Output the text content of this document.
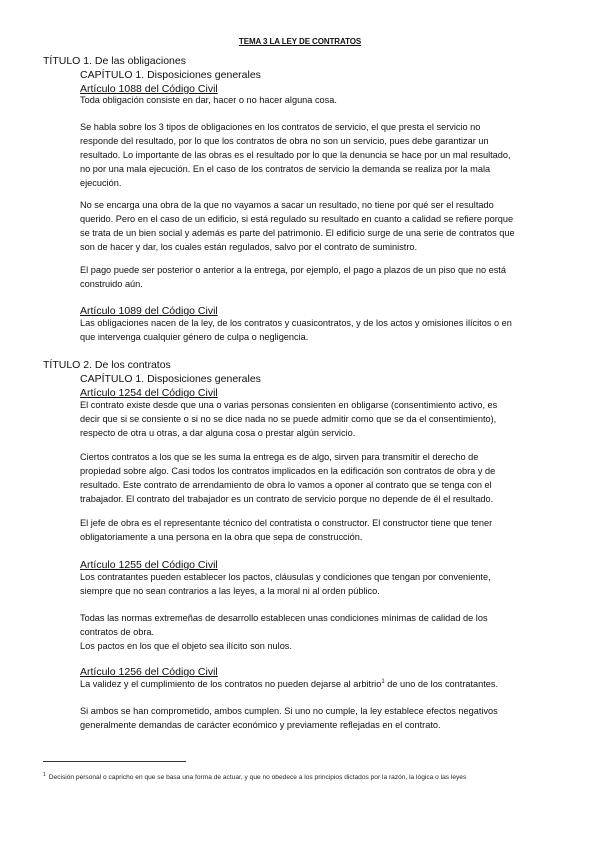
TEMA 3 LA LEY DE CONTRATOS
TÍTULO 1. De las obligaciones
CAPÍTULO 1. Disposiciones generales
Artículo 1088 del Código Civil
Toda obligación consiste en dar, hacer o no hacer alguna cosa.
Se habla sobre los 3 tipos de obligaciones en los contratos de servicio, el que presta el servicio no
responde del resultado, por lo que los contratos de obra no son un servicio, pues debe garantizar un
resultado. Lo importante de las obras es el resultado por lo que la denuncia se hace por un mal resultado,
no por una mala ejecución. En el caso de los contratos de servicio la demanda se realiza por la mala
ejecución.
No se encarga una obra de la que no vayamos a sacar un resultado, no tiene por qué ser el resultado
querido. Pero en el caso de un edificio, si está regulado su resultado en cuanto a calidad se refiere porque
se trata de un bien social y además es parte del patrimonio. El edificio surge de una serie de contratos que
son de hacer y dar, los cuales están regulados, salvo por el contrato de suministro.
El pago puede ser posterior o anterior a la entrega, por ejemplo, el pago a plazos de un piso que no está
construido aún.
Artículo 1089 del Código Civil
Las obligaciones nacen de la ley, de los contratos y cuasicontratos, y de los actos y omisiones ilícitos o en
que intervenga cualquier género de culpa o negligencia.
TÍTULO 2. De los contratos
CAPÍTULO 1. Disposiciones generales
Artículo 1254 del Código Civil
El contrato existe desde que una o varias personas consienten en obligarse (consentimiento activo, es
decir que si se consiente o si no se dice nada no se puede admitir como que se da el consentimiento),
respecto de otra u otras, a dar alguna cosa o prestar algún servicio.
Ciertos contratos a los que se les suma la entrega es de algo, sirven para transmitir el derecho de
propiedad sobre algo. Casi todos los contratos implicados en la edificación son contratos de obra y de
resultado. Este contrato de arrendamiento de obra lo vamos a oponer al contrato que se tenga con el
trabajador. El contrato del trabajador es un contrato de servicio porque no depende de él el resultado.
El jefe de obra es el representante técnico del contratista o constructor. El constructor tiene que tener
obligatoriamente a una persona en la obra que sepa de construcción.
Artículo 1255 del Código Civil
Los contratantes pueden establecer los pactos, cláusulas y condiciones que tengan por conveniente,
siempre que no sean contrarios a las leyes, a la moral ni al orden público.
Todas las normas extremeñas de desarrollo establecen unas condiciones mínimas de calidad de los
contratos de obra.
Los pactos en los que el objeto sea ilícito son nulos.
Artículo 1256 del Código Civil
La validez y el cumplimiento de los contratos no pueden dejarse al arbitrio$^1$ de uno de los contratantes.
Si ambos se han comprometido, ambos cumplen. Si uno no cumple, la ley establece efectos negativos
generalmente demandas de carácter económico y previamente reflejadas en el contrato.
$^1$ Decisión personal o capricho en que se basa una forma de actuar, y que no obedece a los principios dictados por la razón, la lógica o las leyes
